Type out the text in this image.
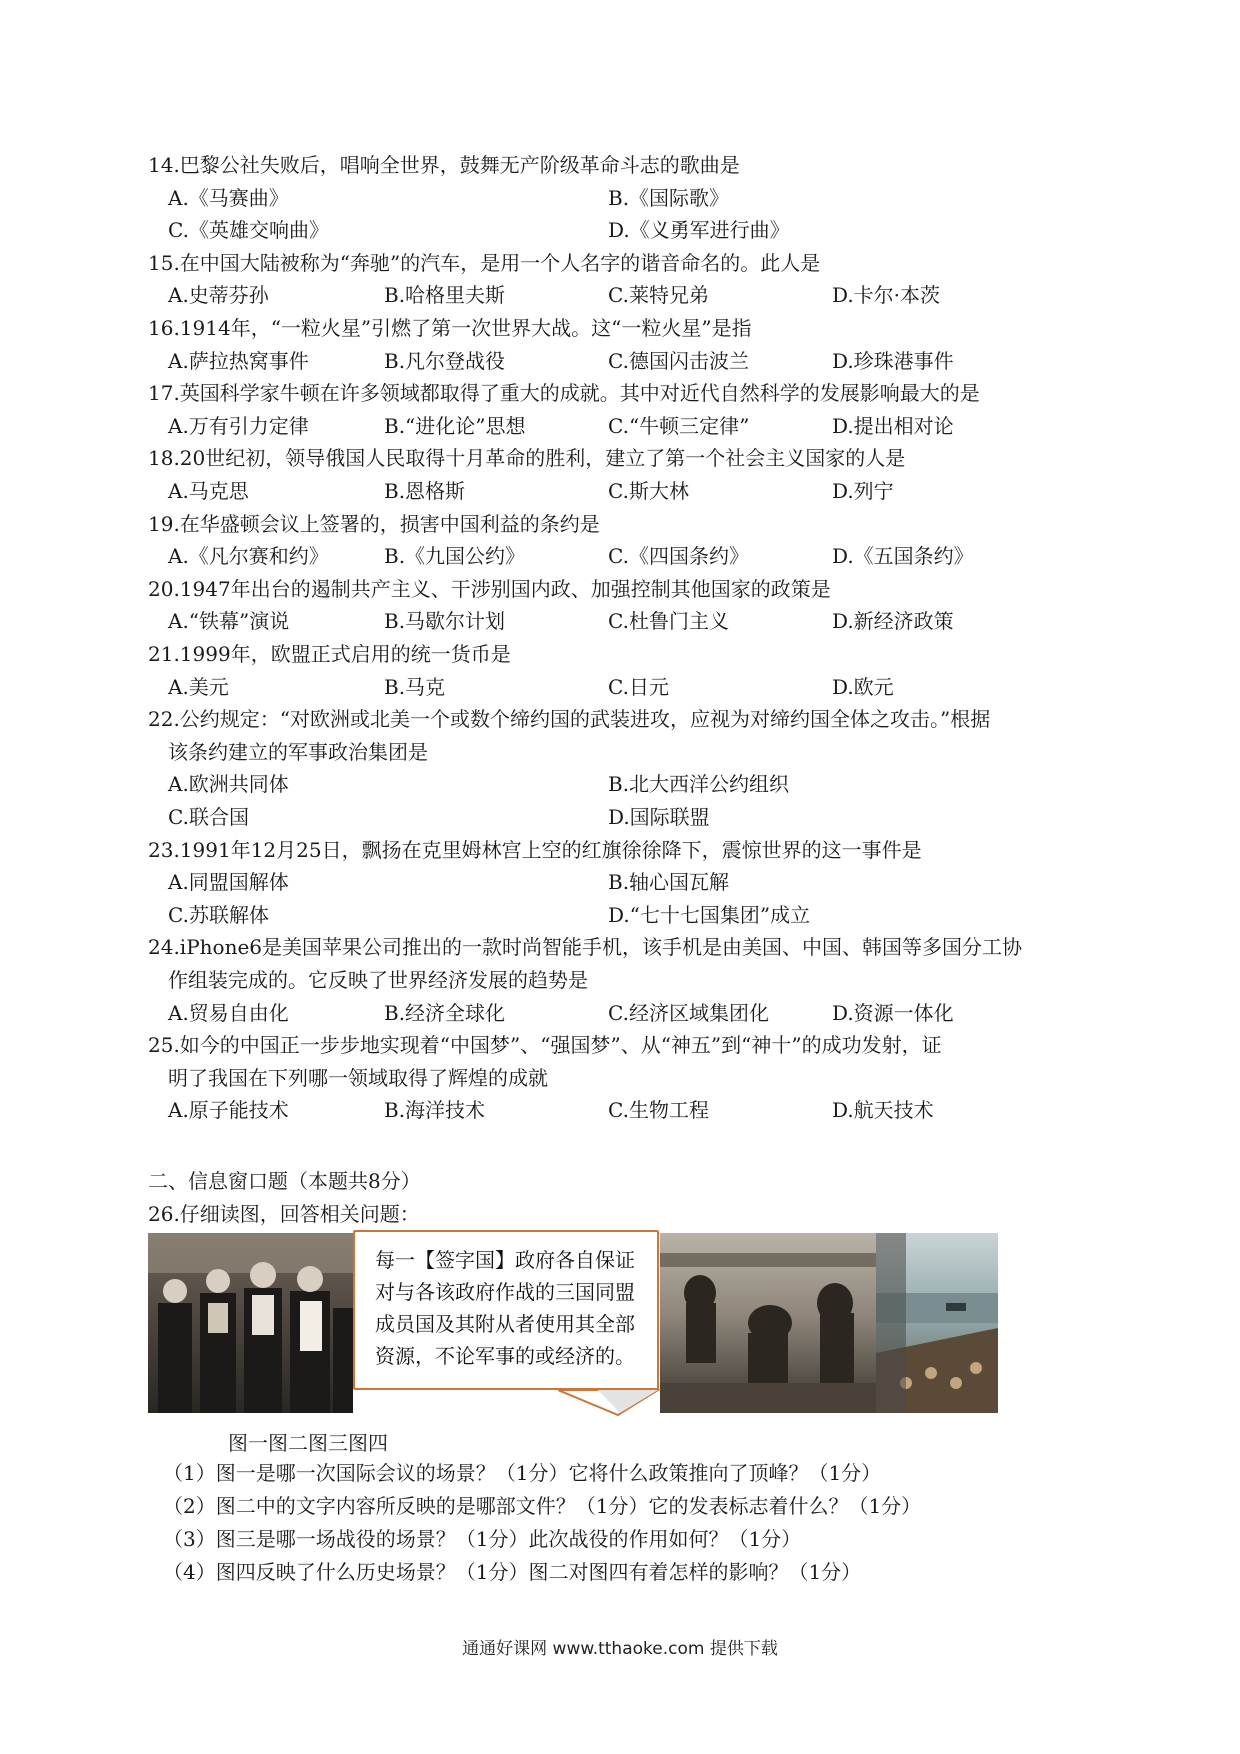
14.巴黎公社失败后，唱响全世界，鼓舞无产阶级革命斗志的歌曲是
A.《马赛曲》	B.《国际歌》
C.《英雄交响曲》	D.《义勇军进行曲》
15.在中国大陆被称为“奔驰”的汽车，是用一个人名字的谐音命名的。此人是
A.史蒂芬孙	B.哈格里夫斯	C.莱特兄弟	D.卡尔·本茨
16.1914年，“一粒火星”引燃了第一次世界大战。这“一粒火星”是指
A.萨拉热窝事件	B.凡尔登战役	C.德国闪击波兰	D.珍珠港事件
17.英国科学家牛顿在许多领域都取得了重大的成就。其中对近代自然科学的发展影响最大的是
A.万有引力定律	B.“进化论”思想	C.“牛顿三定律”	D.提出相对论
18.20世纪初，领导俄国人民取得十月革命的胜利，建立了第一个社会主义国家的人是
A.马克思	B.恩格斯	C.斯大林	D.列宁
19.在华盛顿会议上签署的，损害中国利益的条约是
A.《凡尔赛和约》	B.《九国公约》	C.《四国条约》	D.《五国条约》
20.1947年出台的遏制共产主义、干涉别国内政、加强控制其他国家的政策是
A.“铁幕”演说	B.马歇尔计划	C.杜鲁门主义	D.新经济政策
21.1999年，欧盟正式启用的统一货币是
A.美元	B.马克	C.日元	D.欧元
22.公约规定：“对欧洲或北美一个或数个缔约国的武装进攻，应视为对缔约国全体之攻击。”根据
该条约建立的军事政治集团是
A.欧洲共同体	B.北大西洋公约组织
C.联合国	D.国际联盟
23.1991年12月25日，飘扬在克里姆林宫上空的红旗徐徐降下，震惊世界的这一事件是
A.同盟国解体	B.轴心国瓦解
C.苏联解体	D.“七十七国集团”成立
24.iPhone6是美国苹果公司推出的一款时尚智能手机，该手机是由美国、中国、韩国等多国分工协
作组装完成的。它反映了世界经济发展的趋势是
A.贸易自由化	B.经济全球化	C.经济区域集团化	D.资源一体化
25.如今的中国正一步步地实现着“中国梦”、“强国梦”、从“神五”到“神十”的成功发射，证
明了我国在下列哪一领域取得了辉煌的成就
A.原子能技术	B.海洋技术	C.生物工程	D.航天技术
二、信息窗口题（本题共8分）
26.仔细读图，回答相关问题：
每一【签字国】政府各自保证
对与各该政府作战的三国同盟
成员国及其附从者使用其全部
资源，不论军事的或经济的。
图一图二图三图四
（1）图一是哪一次国际会议的场景？（1分）它将什么政策推向了顶峰？（1分）
（2）图二中的文字内容所反映的是哪部文件？（1分）它的发表标志着什么？（1分）
（3）图三是哪一场战役的场景？（1分）此次战役的作用如何？（1分）
（4）图四反映了什么历史场景？（1分）图二对图四有着怎样的影响？（1分）
通通好课网 www.tthaoke.com 提供下载
